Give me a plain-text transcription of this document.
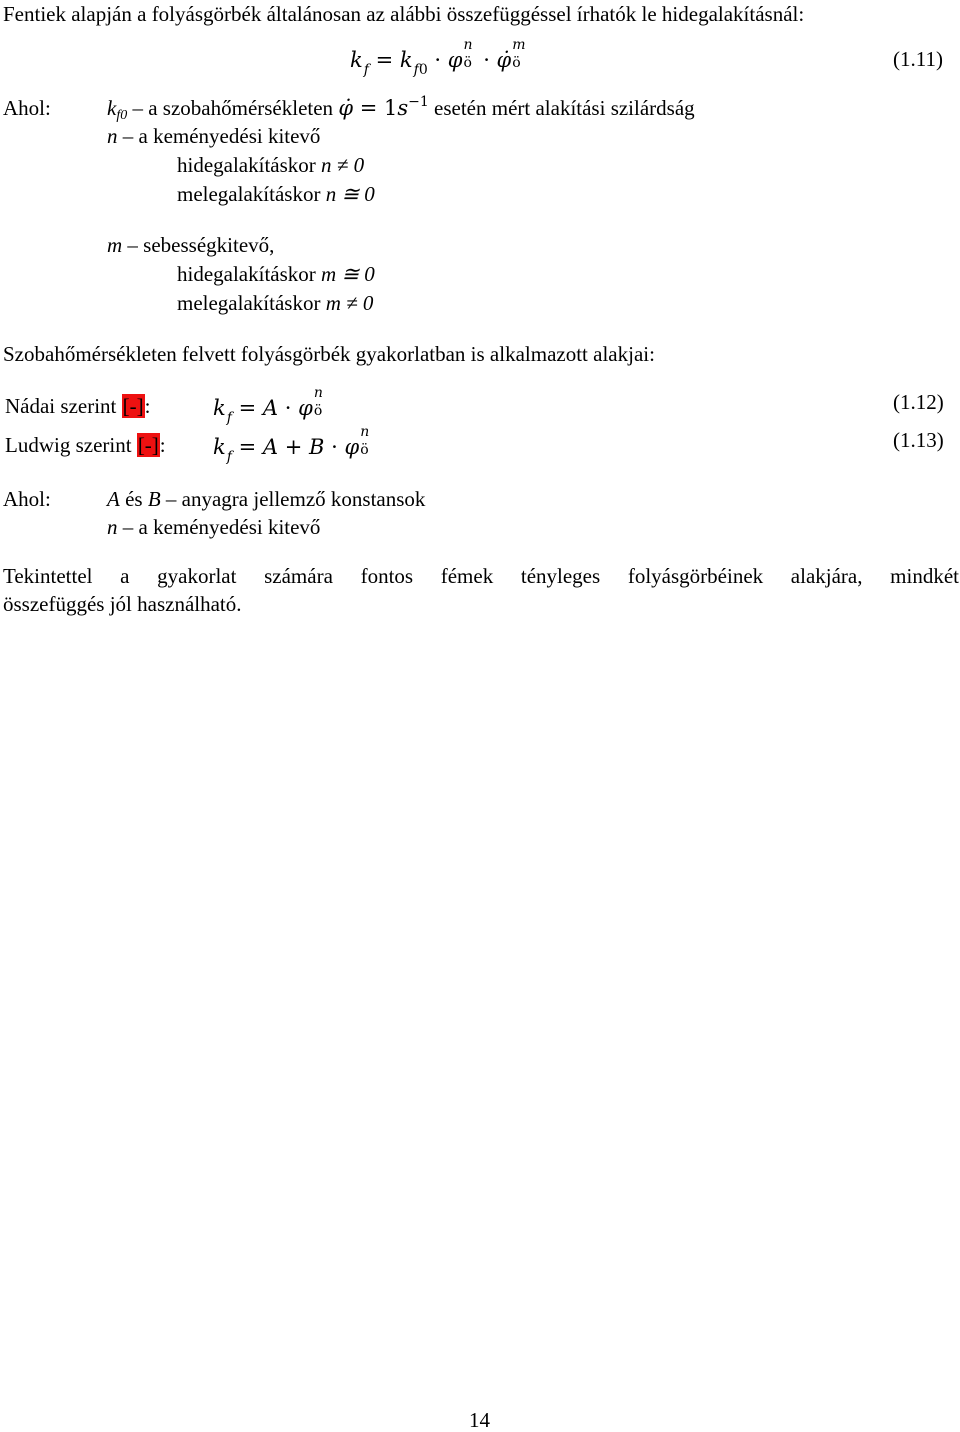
Fentiek alapján a folyásgörbék általánosan az alábbi összefüggéssel írhatók le hidegalakításnál:
$k_f = k_{f0} \cdot \varphi$
n
ö · φ̇
m
ö	(1.11)
Ahol:	kf0 – a szobahőmérsékleten φ̇ = $1s^{-1}$ esetén mért alakítási szilárdság
n – a keményedési kitevő
hidegalakításkor n ≠ 0
melegalakításkor n ≅ 0
m – sebességkitevő,
hidegalakításkor m ≅ 0
melegalakításkor m ≠ 0
Szobahőmérsékleten felvett folyásgörbék gyakorlatban is alkalmazott alakjai:
Nádai szerint [-]:	$k_f = A \cdot \varphi$
n
ö	(1.12)
Ludwig szerint [-]: $k_f = A + B \cdot \varphi$
n
ö	(1.13)
Ahol:	A és B – anyagra jellemző konstansok
n – a keményedési kitevő
Tekintettel a gyakorlat számára fontos fémek tényleges folyásgörbéinek alakjára, mindkét
összefüggés jól használható.
14
